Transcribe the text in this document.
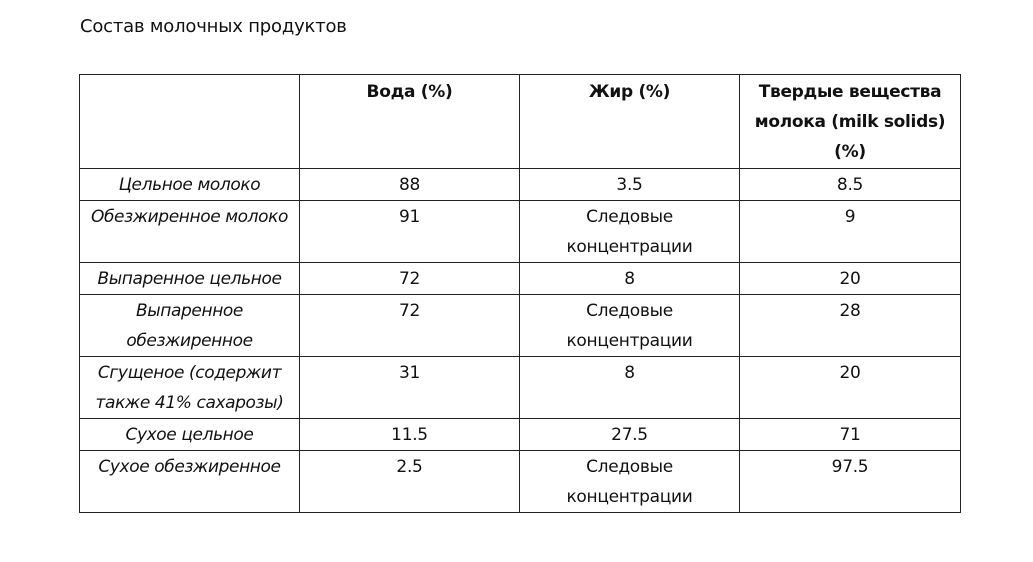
Состав молочных продуктов
	Вода (%)	Жир (%)	Твердые вещества молока (milk solids) (%)
Цельное молоко	88	3.5	8.5
Обезжиренное молоко	91	Следовые концентрации	9
Выпаренное цельное	72	8	20
Выпаренное обезжиренное	72	Следовые концентрации	28
Сгущеное (содержит также 41% сахарозы)	31	8	20
Сухое цельное	11.5	27.5	71
Сухое обезжиренное	2.5	Следовые концентрации	97.5
